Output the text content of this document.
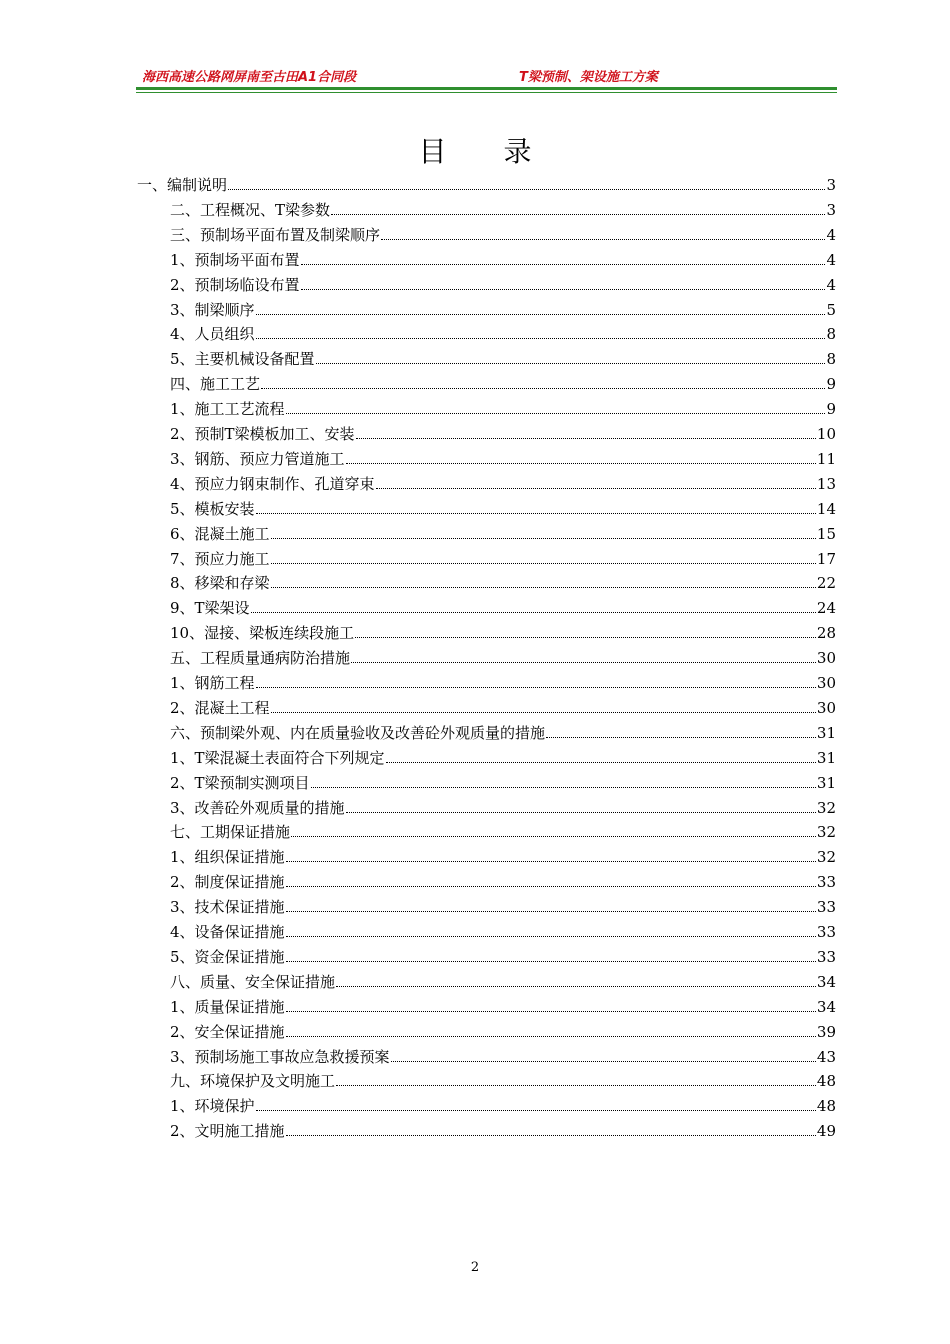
海西高速公路网屏南至古田A1合同段	T梁预制、架设施工方案
目 录
一、编制说明	3
二、工程概况、T梁参数	3
三、预制场平面布置及制梁顺序	4
1、预制场平面布置	4
2、预制场临设布置	4
3、制梁顺序	5
4、人员组织	8
5、主要机械设备配置	8
四、施工工艺	9
1、施工工艺流程	9
2、预制T梁模板加工、安装	10
3、钢筋、预应力管道施工	11
4、预应力钢束制作、孔道穿束	13
5、模板安装	14
6、混凝土施工	15
7、预应力施工	17
8、移梁和存梁	22
9、T梁架设	24
10、湿接、梁板连续段施工	28
五、工程质量通病防治措施	30
1、钢筋工程	30
2、混凝土工程	30
六、预制梁外观、内在质量验收及改善砼外观质量的措施	31
1、T梁混凝土表面符合下列规定	31
2、T梁预制实测项目	31
3、改善砼外观质量的措施	32
七、工期保证措施	32
1、组织保证措施	32
2、制度保证措施	33
3、技术保证措施	33
4、设备保证措施	33
5、资金保证措施	33
八、质量、安全保证措施	34
1、质量保证措施	34
2、安全保证措施	39
3、预制场施工事故应急救援预案	43
九、环境保护及文明施工	48
1、环境保护	48
2、文明施工措施	49
2
